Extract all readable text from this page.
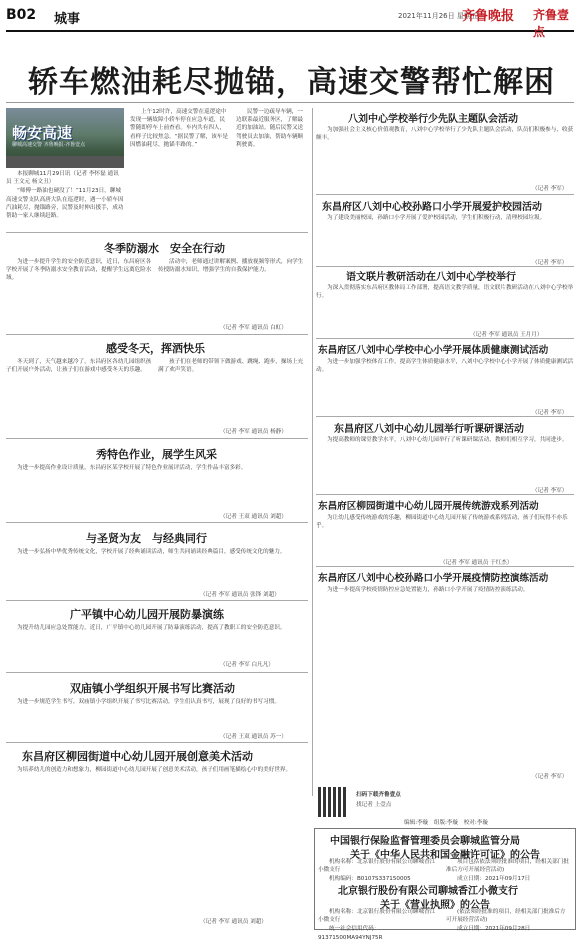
B02 城事	2021年11月26日 星期五
齐鲁晚报 齐鲁壹点
轿车燃油耗尽抛锚，高速交警帮忙解困
畅安高速
聊城高速交警 齐鲁晚报·齐鲁壹点

本报聊城11月29日讯（记者 李怀磊 通讯员 王文元 杨文丑）

“师傅一路油也硬没了！”11月23日，聊城高速交警支队高唐大队在巡逻时，遇一小轿车因汽油耗尽，抛锚路旁，民警及时伸出援手，成功帮助一家人继续赶路。

上午12时许，高速交警在巡逻途中发现一辆故障小轿车停在应急车道，民警随即停车上前查看。车内共有四人，看样子比较焦急。“据民警了解，该车是因燃油耗尽，抛锚半路的。”

民警一边疏导车辆，一边联系最近服务区，了解最近的加油站。随后民警又送驾驶员去加油，帮助车辆顺利驶离。

冬季防溺水　安全在行动

为进一步提升学生的安全防范意识，近日，东昌府区各学校开展了冬季防溺水安全教育活动，提醒学生远离危险水域。

活动中，老师通过讲解案例、播放视频等形式，向学生传授防溺水知识，增强学生的自我保护能力。

（记者 李军 通讯员 白虹）
感受冬天，挥洒快乐

冬天到了，天气越来越冷了，东昌府区各幼儿园组织孩子们开展户外活动，让孩子们在游戏中感受冬天的乐趣。

孩子们在老师的带领下做游戏、跳绳、跑步，操场上充满了欢声笑语。

（记者 李军 通讯员 杨静）
秀特色作业，展学生风采

为进一步提高作业设计质量，东昌府区某学校开展了特色作业展评活动，学生作品丰富多彩。

（记者 王双 通讯员 刘超）
与圣贤为友　与经典同行

为进一步弘扬中华优秀传统文化，学校开展了经典诵读活动，师生共同诵读经典篇目，感受传统文化的魅力。

（记者 李军 通讯员 张锋 刘超）
广平镇中心幼儿园开展防暴演练

为提升幼儿园应急处置能力，近日，广平镇中心幼儿园开展了防暴演练活动，提高了教职工的安全防范意识。

（记者 李军 白凡凡）
双庙镇小学组织开展书写比赛活动

为进一步规范学生书写，双庙镇小学组织开展了书写比赛活动，学生们认真书写，展现了良好的书写习惯。

（记者 王双 通讯员 苏一）
东昌府区柳园街道中心幼儿园开展创意美术活动

为培养幼儿的创造力和想象力，柳园街道中心幼儿园开展了创意美术活动，孩子们用画笔描绘心中的美好世界。

（记者 李军 通讯员 刘超）
八刘中心学校举行少先队主题队会活动

为加强社会主义核心价值观教育，八刘中心学校举行了少先队主题队会活动，队员们积极参与，收获颇丰。

（记者 李军）
东昌府区八刘中心校孙路口小学开展爱护校园活动

为了建设美丽校园，孙路口小学开展了爱护校园活动，学生们积极行动，清理校园垃圾。

（记者 李军）
语文联片教研活动在八刘中心学校举行

为深入贯彻落实东昌府区教体局工作部署，提高语文教学质量，语文联片教研活动在八刘中心学校举行。

（记者 李军 通讯员 王月月）
东昌府区八刘中心学校中心小学开展体质健康测试活动

为进一步加强学校体育工作，提高学生体质健康水平，八刘中心学校中心小学开展了体质健康测试活动。

（记者 李军）
东昌府区八刘中心幼儿园举行听课研课活动

为提高教师的课堂教学水平，八刘中心幼儿园举行了听课研课活动，教师们相互学习，共同进步。

（记者 李军）
东昌府区柳园街道中心幼儿园开展传统游戏系列活动

为让幼儿感受传统游戏的乐趣，柳园街道中心幼儿园开展了传统游戏系列活动，孩子们玩得不亦乐乎。

（记者 李军 通讯员 于红杰）
东昌府区八刘中心校孙路口小学开展疫情防控演练活动

为进一步提高学校疫情防控应急处置能力，孙路口小学开展了疫情防控演练活动。

（记者 李军）
扫码下载齐鲁壹点
找记者 上壹点
编辑:李璇　组版:李璇　校对:李璇
中国银行保险监督管理委员会聊城监管分局
关于《中华人民共和国金融许可证》的公告

机构名称：北京银行股份有限公司聊城香江小微支行

机构编码：B0107S337150005

项目包括依法须经批准的项目，经相关部门批准后方可开展经营活动)

成立日期：2021年09月17日

北京银行股份有限公司聊城香江小微支行
关于《营业执照》的公告

机构名称：北京银行股份有限公司聊城香江小微支行

统一社会信用代码：91371500MA94YNJ75R

(依法须经批准的项目，经相关部门批准后方可开展经营活动)

成立日期：2021年09月28日
